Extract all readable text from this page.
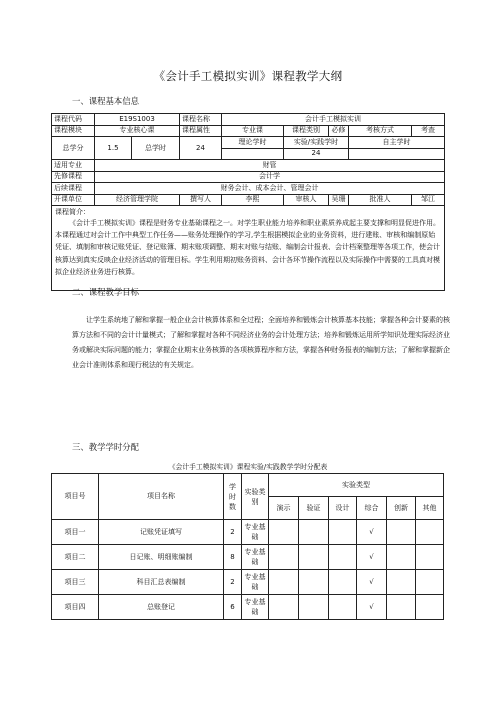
《会计手工模拟实训》课程教学大纲
一、课程基本信息
课程代码	E19S1003		课程名称	会计手工模拟实训				
课程模块	专业核心课		课程属性	专业课	课程类别	必修	考核方式	考查
总学分	1.5	总学时	24	理论学时	实验/实践学时		自主学时	
					24			
适用专业	财管							
先修课程	会计学							
后续课程	财务会计、成本会计、管理会计							
开课单位	经济管理学院		撰写人	李熙	审核人	吴珊	批准人	邹江

课程简介：
《会计手工模拟实训》课程是财务专业基础课程之一。对学生职业能力培养和职业素质养成起主要支撑和明显促进作用。本课程通过对会计工作中典型工作任务——账务处理操作的学习,学生根据模拟企业的业务资料，进行建账、审核和编制原始凭证、填制和审核记账凭证、登记账簿、期末账项调整、期末对账与结账、编制会计报表、会计档案整理等各项工作，使会计核算达到真实反映企业经济活动的管理目标。学生利用期初账务资料、会计各环节操作流程以及实际操作中需要的工具真对模拟企业经济业务进行核算。								
二、课程教学目标
让学生系统地了解和掌握一般企业会计核算体系和全过程；全面培养和锻炼会计核算基本技能；掌握各种会计要素的核算方法和不同的会计计量模式；了解和掌握对各种不同经济业务的会计处理方法；培养和锻炼运用所学知识处理实际经济业务或解决实际问题的能力；掌握企业期末业务核算的各项核算程序和方法，掌握各种财务报表的编制方法；了解和掌握新企业会计准则体系和现行税法的有关规定。
三、教学学时分配
《会计手工模拟实训》课程实验/实践教学学时分配表
项目号	项目名称	学时数	实验类别	实验类型					
				演示	验证	设计	综合	创新	其他
项目一	记账凭证填写	2	专业基础				√		
项目二	日记账、明细账编制	8	专业基础				√		
项目三	科目汇总表编制	2	专业基础				√		
项目四	总账登记	6	专业基础				√		
